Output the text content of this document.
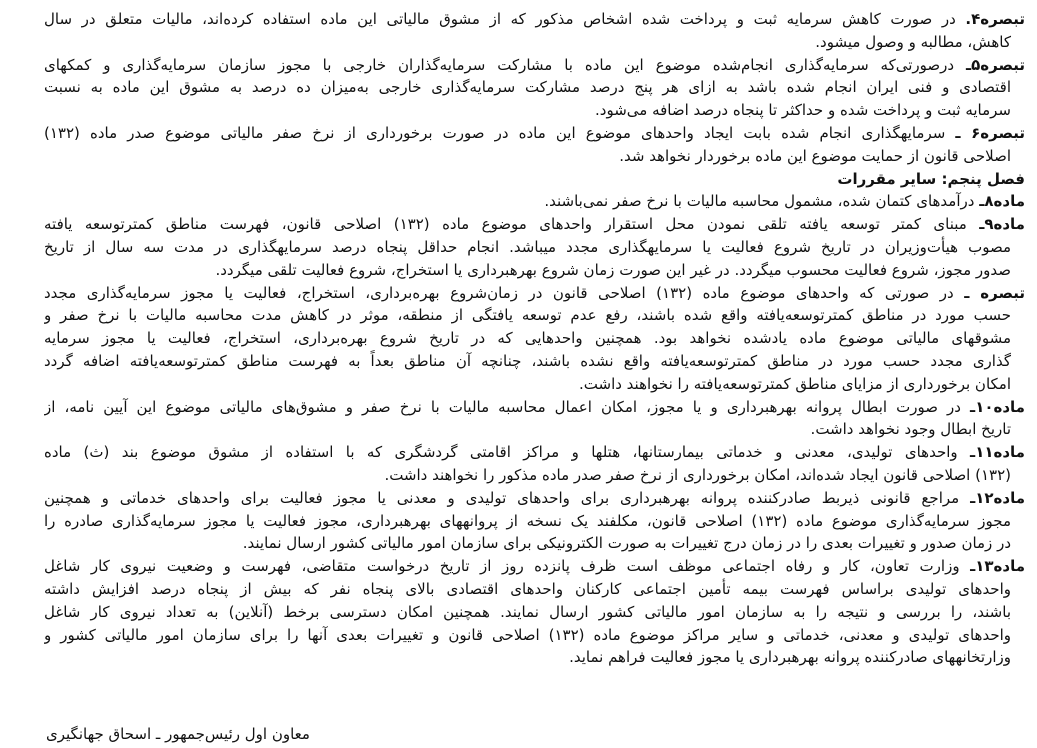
تبصره۴. در صورت کاهش سرمایه ثبت و پرداخت شده اشخاص مذکور که از مشوق مالیاتی این ماده استفاده کرده‌اند، مالیات متعلق در سال
کاهش، مطالبه و وصول میشود.
تبصره۵ـ درصورتی‌که سرمایه‌گذاری انجام‌شده موضوع این ماده با مشارکت سرمایه‌گذاران خارجی با مجوز سازمان سرمایه‌گذاری و کمکهای
اقتصادی و فنی ایران انجام شده باشد به ازای هر پنج درصد مشارکت سرمایه‌گذاری خارجی به‌میزان ده درصد به مشوق این ماده به نسبت
سرمایه ثبت و پرداخت شده و حداکثر تا پنجاه درصد اضافه می‌شود.
تبصره۶ ـ سرمایهگذاری انجام شده بابت ایجاد واحدهای موضوع این ماده در صورت برخورداری از نرخ صفر مالیاتی موضوع صدر ماده (۱۳۲)
اصلاحی قانون از حمایت موضوع این ماده برخوردار نخواهد شد.
فصل پنجم: سایر مقررات
ماده۸ـ درآمدهای کتمان شده، مشمول محاسبه مالیات با نرخ صفر نمی‌باشند.
ماده۹ـ مبنای کمتر توسعه یافته تلقی نمودن محل استقرار واحدهای موضوع ماده (۱۳۲) اصلاحی قانون، فهرست مناطق کمترتوسعه یافته
مصوب هیأت‌وزیران در تاریخ شروع فعالیت یا سرمایهگذاری مجدد میباشد. انجام حداقل پنجاه درصد سرمایهگذاری در مدت سه سال از تاریخ
صدور مجوز، شروع فعالیت محسوب میگردد. در غیر این صورت زمان شروع بهرهبرداری یا استخراج، شروع فعالیت تلقی میگردد.
تبصره ـ در صورتی که واحدهای موضوع ماده (۱۳۲) اصلاحی قانون در زمان‌شروع بهره‌برداری، استخراج، فعالیت یا مجوز سرمایه‌گذاری مجدد
حسب مورد در مناطق کمترتوسعه‌یافته واقع شده باشند، رفع عدم توسعه یافتگی از منطقه، موثر در کاهش مدت محاسبه مالیات با نرخ صفر و
مشوقهای مالیاتی موضوع ماده یادشده نخواهد بود. همچنین واحدهایی که در تاریخ شروع بهره‌برداری، استخراج، فعالیت یا مجوز سرمایه
گذاری مجدد حسب مورد در مناطق کمترتوسعه‌یافته واقع نشده باشند، چنانچه آن مناطق بعداً به فهرست مناطق کمترتوسعه‌یافته اضافه گردد
امکان برخورداری از مزایای مناطق کمترتوسعه‌یافته را نخواهند داشت.
ماده۱۰ـ در صورت ابطال پروانه بهرهبرداری و یا مجوز، امکان اعمال محاسبه مالیات با نرخ صفر و مشوق‌های مالیاتی موضوع این آیین نامه، از
تاریخ ابطال وجود نخواهد داشت.
ماده۱۱ـ واحدهای تولیدی، معدنی و خدماتی بیمارستانها، هتلها و مراکز اقامتی گردشگری که با استفاده از مشوق موضوع بند (ث) ماده
(۱۳۲) اصلاحی قانون ایجاد شده‌اند، امکان برخورداری از نرخ صفر صدر ماده مذکور را نخواهند داشت.
ماده۱۲ـ مراجع قانونی ذیربط صادرکننده پروانه بهرهبرداری برای واحدهای تولیدی و معدنی یا مجوز فعالیت برای واحدهای خدماتی و همچنین
مجوز سرمایه‌گذاری موضوع ماده (۱۳۲) اصلاحی قانون، مکلفند یک نسخه از پروانههای بهرهبرداری، مجوز فعالیت یا مجوز سرمایه‌گذاری صادره را
در زمان صدور و تغییرات بعدی را در زمان درج تغییرات به صورت الکترونیکی برای سازمان امور مالیاتی کشور ارسال نمایند.
ماده۱۳ـ وزارت تعاون، کار و رفاه اجتماعی موظف است ظرف پانزده روز از تاریخ درخواست متقاضی، فهرست و وضعیت نیروی کار شاغل
واحدهای تولیدی براساس فهرست بیمه تأمین اجتماعی کارکنان واحدهای اقتصادی بالای پنجاه نفر که بیش از پنجاه درصد افزایش داشته
باشند، را بررسی و نتیجه را به سازمان امور مالیاتی کشور ارسال نمایند. همچنین امکان دسترسی برخط (آنلاین) به تعداد نیروی کار شاغل
واحدهای تولیدی و معدنی، خدماتی و سایر مراکز موضوع ماده (۱۳۲) اصلاحی قانون و تغییرات بعدی آنها را برای سازمان امور مالیاتی کشور و
وزارتخانههای صادرکننده پروانه بهرهبرداری یا مجوز فعالیت فراهم نماید.
معاون اول رئیس‌جمهور ـ اسحاق جهانگیری
